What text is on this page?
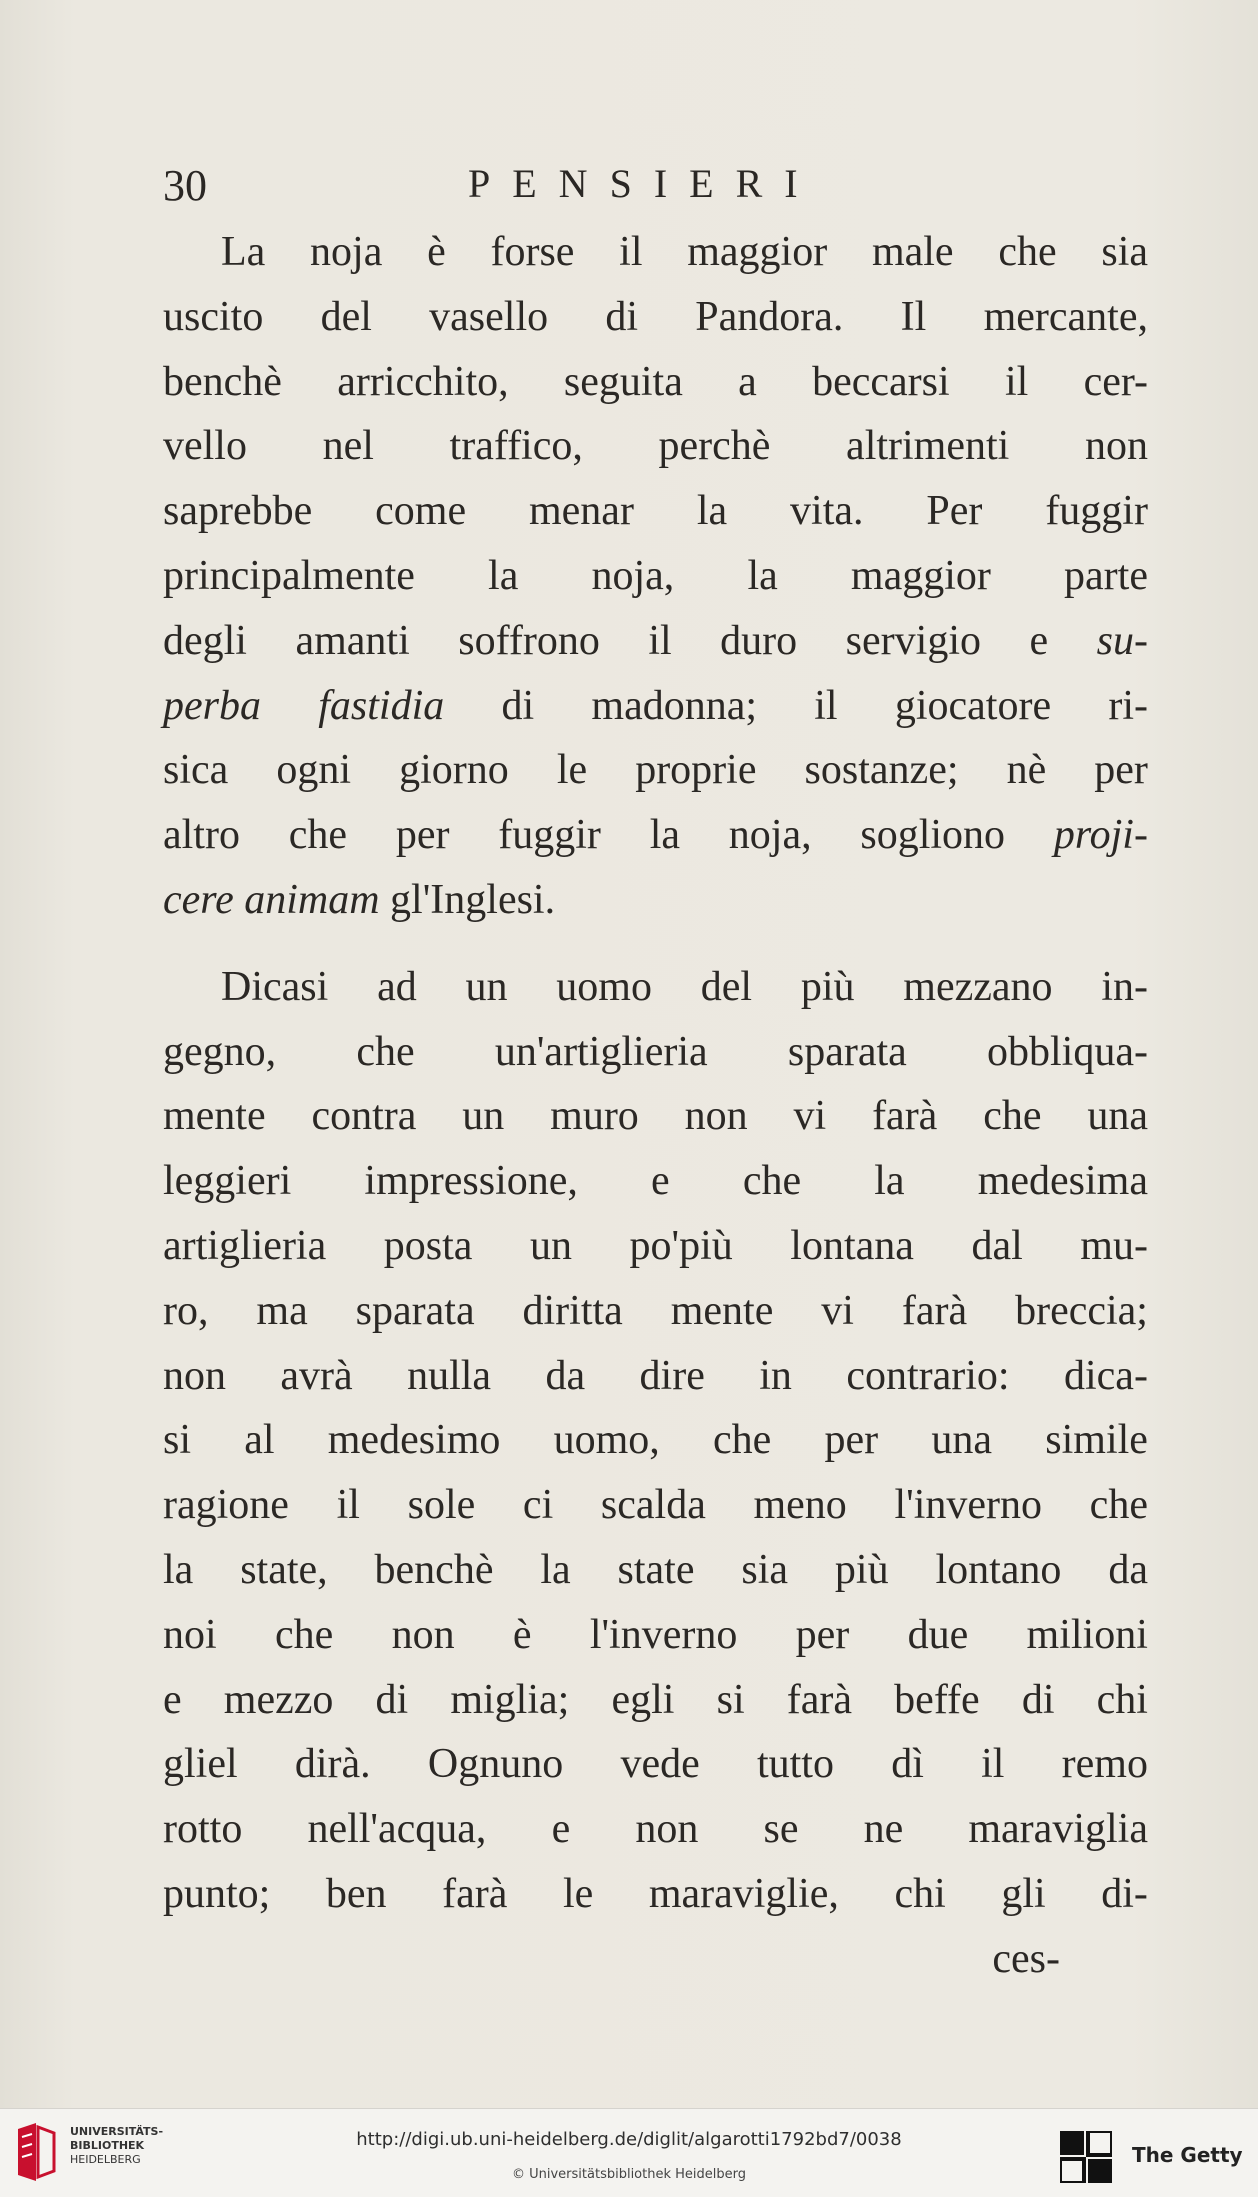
30	PENSIERI
La noja è forse il maggior male che sia
uscito del vasello di Pandora. Il mercante,
benchè arricchito, seguita a beccarsi il cer-
vello nel traffico, perchè altrimenti non
saprebbe come menar la vita. Per fuggir
principalmente la noja, la maggior parte
degli amanti soffrono il duro servigio e su-
perba fastidia di madonna; il giocatore ri-
sica ogni giorno le proprie sostanze; nè per
altro che per fuggir la noja, sogliono proji-
cere animam gl'Inglesi.
Dicasi ad un uomo del più mezzano in-
gegno, che un'artiglieria sparata obbliqua-
mente contra un muro non vi farà che una
leggieri impressione, e che la medesima
artiglieria posta un po'più lontana dal mu-
ro, ma sparata diritta mente vi farà breccia;
non avrà nulla da dire in contrario: dica-
si al medesimo uomo, che per una simile
ragione il sole ci scalda meno l'inverno che
la state, benchè la state sia più lontano da
noi che non è l'inverno per due milioni
e mezzo di miglia; egli si farà beffe di chi
gliel dirà. Ognuno vede tutto dì il remo
rotto nell'acqua, e non se ne maraviglia
punto; ben farà le maraviglie, chi gli di-
ces-
UNIVERSITÄTS-
BIBLIOTHEK
HEIDELBERG
http://digi.ub.uni-heidelberg.de/diglit/algarotti1792bd7/0038
© Universitätsbibliothek Heidelberg
The Getty
